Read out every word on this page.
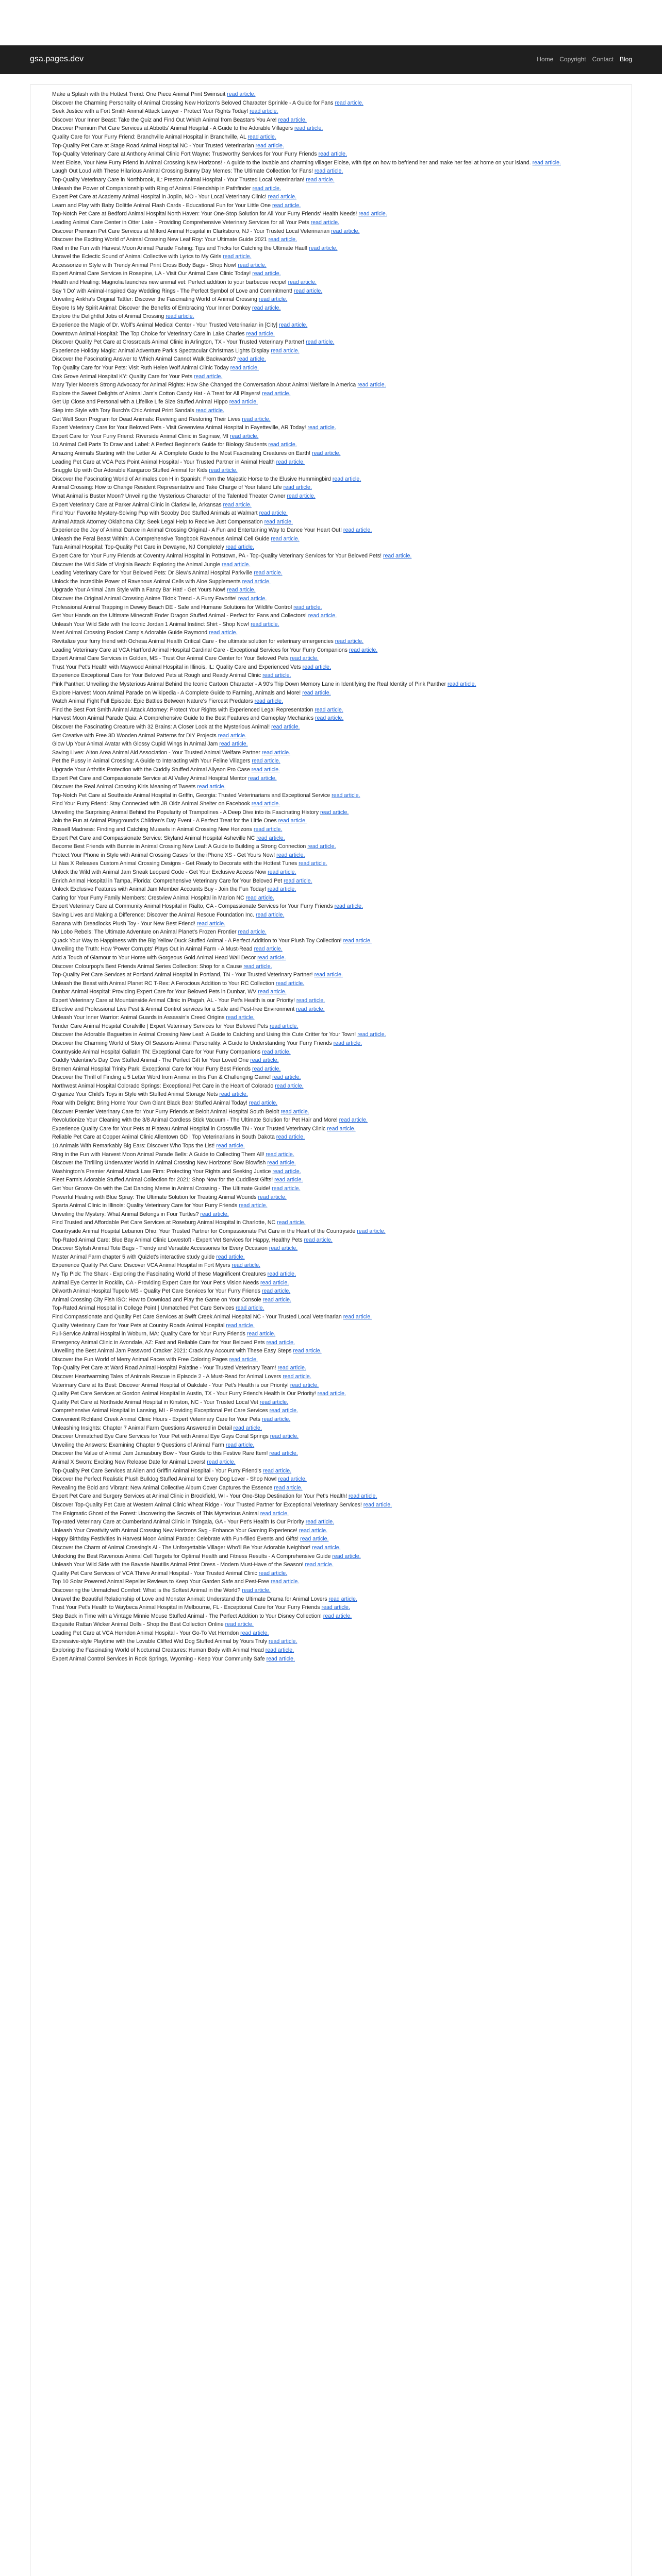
gsa.pages.dev	Home Copyright Contact Blog
1. Make a Splash with the Hottest Trend: One Piece Animal Print Swimsuit read article.
2. Discover the Charming Personality of Animal Crossing New Horizon's Beloved Character Sprinkle - A Guide for Fans read article.
3. Seek Justice with a Fort Smith Animal Attack Lawyer - Protect Your Rights Today! read article.
4. Discover Your Inner Beast: Take the Quiz and Find Out Which Animal from Beastars You Are! read article.
5. Discover Premium Pet Care Services at Abbotts' Animal Hospital - A Guide to the Adorable Villagers read article.
6. Quality Care for Your Furry Friend: Branchville Animal Hospital in Branchville, AL read article.
7. Top-Quality Pet Care at Stage Road Animal Hospital NC - Your Trusted Veterinarian read article.
8. Top-Quality Veterinary Care at Anthony Animal Clinic Fort Wayne: Trustworthy Services for Your Furry Friends read article.
9. Meet Eloise, Your New Furry Friend in Animal Crossing New Horizons! - A guide to the lovable and charming villager Eloise, with tips on how to befriend her and make her feel at home on your island. read article.
10. Laugh Out Loud with These Hilarious Animal Crossing Bunny Day Memes: The Ultimate Collection for Fans! read article.
11. Top-Quality Veterinary Care in Northbrook, IL: Preston Animal Hospital - Your Trusted Local Veterinarian! read article.
12. Unleash the Power of Companionship with Ring of Animal Friendship in Pathfinder read article.
13. Expert Pet Care at Academy Animal Hospital in Joplin, MO - Your Local Veterinary Clinic! read article.
14. Learn and Play with Baby Dolittle Animal Flash Cards - Educational Fun for Your Little One read article.
15. Top-Notch Pet Care at Bedford Animal Hospital North Haven: Your One-Stop Solution for All Your Furry Friends' Health Needs! read article.
16. Leading Animal Care Center in Otter Lake - Providing Comprehensive Veterinary Services for all Your Pets read article.
17. Discover Premium Pet Care Services at Milford Animal Hospital in Clarksboro, NJ - Your Trusted Local Veterinarian read article.
18. Discover the Exciting World of Animal Crossing New Leaf Roy: Your Ultimate Guide 2021 read article.
19. Reel in the Fun with Harvest Moon Animal Parade Fishing: Tips and Tricks for Catching the Ultimate Haul! read article.
20. Unravel the Eclectic Sound of Animal Collective with Lyrics to My Girls read article.
21. Accessorize in Style with Trendy Animal Print Cross Body Bags - Shop Now! read article.
22. Expert Animal Care Services in Rosepine, LA - Visit Our Animal Care Clinic Today! read article.
23. Health and Healing: Magnolia launches new animal vet: Perfect addition to your barbecue recipe! read article.
24. Say 'I Do' with Animal-Inspired Gay Wedding Rings - The Perfect Symbol of Love and Commitment! read article.
25. Unveiling Ankha's Original Tattler: Discover the Fascinating World of Animal Crossing read article.
26. Eeyore Is My Spirit Animal: Discover the Benefits of Embracing Your Inner Donkey read article.
27. Explore the Delightful Jobs of Animal Crossing read article.
28. Experience the Magic of Dr. Wolf's Animal Medical Center - Your Trusted Veterinarian in [City] read article.
29. Downtown Animal Hospital: The Top Choice for Veterinary Care in Lake Charles read article.
30. Discover Quality Pet Care at Crossroads Animal Clinic in Arlington, TX - Your Trusted Veterinary Partner! read article.
31. Experience Holiday Magic: Animal Adventure Park's Spectacular Christmas Lights Display read article.
32. Discover the Fascinating Answer to Which Animal Cannot Walk Backwards? read article.
33. Top Quality Care for Your Pets: Visit Ruth Helen Wolf Animal Clinic Today read article.
34. Oak Grove Animal Hospital KY: Quality Care for Your Pets read article.
35. Mary Tyler Moore's Strong Advocacy for Animal Rights: How She Changed the Conversation About Animal Welfare in America read article.
36. Explore the Sweet Delights of Animal Jam's Cotton Candy Hat - A Treat for All Players! read article.
37. Get Up Close and Personal with a Lifelike Life Size Stuffed Animal Hippo read article.
38. Step into Style with Tory Burch's Chic Animal Print Sandals read article.
39. Get Well Soon Program for Dead Animals: Reviving and Restoring Their Lives read article.
40. Expert Veterinary Care for Your Beloved Pets - Visit Greenview Animal Hospital in Fayetteville, AR Today! read article.
41. Expert Care for Your Furry Friend: Riverside Animal Clinic in Saginaw, MI read article.
42. 10 Animal Cell Parts To Draw and Label: A Perfect Beginner's Guide for Biology Students read article.
43. Amazing Animals Starting with the Letter Ai: A Complete Guide to the Most Fascinating Creatures on Earth! read article.
44. Leading Pet Care at VCA Pets Point Animal Hospital - Your Trusted Partner in Animal Health read article.
45. Snuggle Up with Our Adorable Kangaroo Stuffed Animal for Kids read article.
46. Discover the Fascinating World of Animales con H in Spanish: From the Majestic Horse to the Elusive Hummingbird read article.
47. Animal Crossing: How to Change Resident Representative and Take Charge of Your Island Life read article.
48. What Animal is Buster Moon? Unveiling the Mysterious Character of the Talented Theater Owner read article.
49. Expert Veterinary Care at Parker Animal Clinic in Clarksville, Arkansas read article.
50. Find Your Favorite Mystery-Solving Pup with Scooby Doo Stuffed Animals at Walmart read article.
51. Animal Attack Attorney Oklahoma City: Seek Legal Help to Receive Just Compensation read article.
52. Experience the Joy of Animal Dance in Animal Crossing Original - A Fun and Entertaining Way to Dance Your Heart Out! read article.
53. Unleash the Feral Beast Within: A Comprehensive Tongbook Ravenous Animal Cell Guide read article.
54. Tara Animal Hospital: Top-Quality Pet Care in Dewayne, NJ Completely read article.
55. Expert Care for Your Furry Friends at Coventry Animal Hospital in Pottstown, PA - Top-Quality Veterinary Services for Your Beloved Pets! read article.
56. Discover the Wild Side of Virginia Beach: Exploring the Animal Jungle read article.
57. Leading Veterinary Care for Your Beloved Pets: Dr Siew's Animal Hospital Parkville read article.
58. Unlock the Incredible Power of Ravenous Animal Cells with Aloe Supplements read article.
59. Upgrade Your Animal Jam Style with a Fancy Bar Hat! - Get Yours Now! read article.
60. Discover the Original Animal Crossing Anime Tiktok Trend - A Furry Favorite! read article.
61. Professional Animal Trapping in Dewey Beach DE - Safe and Humane Solutions for Wildlife Control read article.
62. Get Your Hands on the Ultimate Minecraft Ender Dragon Stuffed Animal - Perfect for Fans and Collectors! read article.
63. Unleash Your Wild Side with the Iconic Jordan 1 Animal Instinct Shirt - Shop Now! read article.
64. Meet Animal Crossing Pocket Camp's Adorable Guide Raymond read article.
65. Revitalize your furry friend with Ochesa Animal Health Critical Care - the ultimate solution for veterinary emergencies read article.
66. Leading Veterinary Care at VCA Hartford Animal Hospital Cardinal Care - Exceptional Services for Your Furry Companions read article.
67. Expert Animal Care Services in Golden, MS - Trust Our Animal Care Center for Your Beloved Pets read article.
68. Trust Your Pet's Health with Maywood Animal Hospital in Illinois, IL: Quality Care and Experienced Vets read article.
69. Experience Exceptional Care for Your Beloved Pets at Rough and Ready Animal Clinic read article.
70. Pink Panther: Unveiling the Mysterious Animal Behind the Iconic Cartoon Character - A 90's Trip Down Memory Lane in Identifying the Real Identity of Pink Panther read article.
71. Explore Harvest Moon Animal Parade on Wikipedia - A Complete Guide to Farming, Animals and More! read article.
72. Watch Animal Fight Full Episode: Epic Battles Between Nature's Fiercest Predators read article.
73. Find the Best Fort Smith Animal Attack Attorney: Protect Your Rights with Experienced Legal Representation read article.
74. Harvest Moon Animal Parade Qaia: A Comprehensive Guide to the Best Features and Gameplay Mechanics read article.
75. Discover the Fascinating Creature with 32 Brains: A Closer Look at the Mysterious Animal! read article.
76. Get Creative with Free 3D Wooden Animal Patterns for DIY Projects read article.
77. Glow Up Your Animal Avatar with Glossy Cupid Wings in Animal Jam read article.
78. Saving Lives: Alton Area Animal Aid Association - Your Trusted Animal Welfare Partner read article.
79. Pet the Pussy in Animal Crossing: A Guide to Interacting with Your Feline Villagers read article.
80. Upgrade Your Arthritis Protection with the Cuddly Stuffed Animal Allyson Pro Case read article.
81. Expert Pet Care and Compassionate Service at Al Valley Animal Hospital Mentor read article.
82. Discover the Real Animal Crossing Kiris Meaning of Tweets read article.
83. Top-Notch Pet Care at Southside Animal Hospital in Griffin, Georgia: Trusted Veterinarians and Exceptional Service read article.
84. Find Your Furry Friend: Stay Connected with JB Oldz Animal Shelter on Facebook read article.
85. Unveiling the Surprising Animal Behind the Popularity of Trampolines - A Deep Dive into its Fascinating History read article.
86. Join the Fun at Animal Playground's Children's Day Event - A Perfect Treat for the Little Ones read article.
87. Russell Madness: Finding and Catching Mussels in Animal Crossing New Horizons read article.
88. Expert Pet Care and Compassionate Service: Skyland Animal Hospital Asheville NC read article.
89. Become Best Friends with Bunnie in Animal Crossing New Leaf: A Guide to Building a Strong Connection read article.
90. Protect Your Phone in Style with Animal Crossing Cases for the iPhone XS - Get Yours Now! read article.
91. Lil Nas X Releases Custom Animal Crossing Designs - Get Ready to Decorate with the Hottest Tunes read article.
92. Unlock the Wild with Animal Jam Sneak Leopard Code - Get Your Exclusive Access Now read article.
93. Enrich Animal Hospital in Tampa, Florida: Comprehensive Veterinary Care for Your Beloved Pet read article.
94. Unlock Exclusive Features with Animal Jam Member Accounts Buy - Join the Fun Today! read article.
95. Caring for Your Furry Family Members: Crestview Animal Hospital in Marion NC read article.
96. Expert Veterinary Care at Community Animal Hospital in Rialto, CA - Compassionate Services for Your Furry Friends read article.
97. Saving Lives and Making a Difference: Discover the Animal Rescue Foundation Inc. read article.
98. Banana with Dreadlocks Plush Toy - Your New Best Friend! read article.
99. No Lobo Rebels: The Ultimate Adventure on Animal Planet's Frozen Frontier read article.
100. Quack Your Way to Happiness with the Big Yellow Duck Stuffed Animal - A Perfect Addition to Your Plush Toy Collection! read article.
101. Unveiling the Truth: How 'Power Corrupts' Plays Out in Animal Farm - A Must-Read read article.
102. Add a Touch of Glamour to Your Home with Gorgeous Gold Animal Head Wall Decor read article.
103. Discover Colourpop's Best Friends Animal Series Collection: Shop for a Cause read article.
104. Top-Quality Pet Care Services at Portland Animal Hospital in Portland, TN - Your Trusted Veterinary Partner! read article.
105. Unleash the Beast with Animal Planet RC T-Rex: A Ferocious Addition to Your RC Collection read article.
106. Dunbar Animal Hospital: Providing Expert Care for Your Beloved Pets in Dunbar, WV read article.
107. Expert Veterinary Care at Mountainside Animal Clinic in Pisgah, AL - Your Pet's Health is our Priority! read article.
108. Effective and Professional Live Pest & Animal Control services for a Safe and Pest-free Environment read article.
109. Unleash Your Inner Warrior: Animal Guards in Assassin's Creed Origins read article.
110. Tender Care Animal Hospital Coralville | Expert Veterinary Services for Your Beloved Pets read article.
111. Discover the Adorable Baguettes in Animal Crossing New Leaf: A Guide to Catching and Using this Cute Critter for Your Town! read article.
112. Discover the Charming World of Story Of Seasons Animal Personality: A Guide to Understanding Your Furry Friends read article.
113. Countryside Animal Hospital Gallatin TN: Exceptional Care for Your Furry Companions read article.
114. Cuddly Valentine's Day Cow Stuffed Animal - The Perfect Gift for Your Loved One read article.
115. Bremen Animal Hospital Trinity Park: Exceptional Care for Your Furry Best Friends read article.
116. Discover the Thrill of Finding a 5 Letter Word from Animal in this Fun & Challenging Game! read article.
117. Northwest Animal Hospital Colorado Springs: Exceptional Pet Care in the Heart of Colorado read article.
118. Organize Your Child's Toys in Style with Stuffed Animal Storage Nets read article.
119. Roar with Delight: Bring Home Your Own Giant Black Bear Stuffed Animal Today! read article.
120. Discover Premier Veterinary Care for Your Furry Friends at Beloit Animal Hospital South Beloit read article.
121. Revolutionize Your Cleaning with the 3/8 Animal Cordless Stick Vacuum - The Ultimate Solution for Pet Hair and More! read article.
122. Experience Quality Care for Your Pets at Plateau Animal Hospital in Crossville TN - Your Trusted Veterinary Clinic read article.
123. Reliable Pet Care at Copper Animal Clinic Allentown GD | Top Veterinarians in South Dakota read article.
124. 10 Animals With Remarkably Big Ears: Discover Who Tops the List! read article.
125. Ring in the Fun with Harvest Moon Animal Parade Bells: A Guide to Collecting Them All! read article.
126. Discover the Thrilling Underwater World in Animal Crossing New Horizons' Bow Blowfish read article.
127. Washington's Premier Animal Attack Law Firm: Protecting Your Rights and Seeking Justice read article.
128. Fleet Farm's Adorable Stuffed Animal Collection for 2021: Shop Now for the Cuddliest Gifts! read article.
129. Get Your Groove On with the Cat Dancing Meme in Animal Crossing - The Ultimate Guide! read article.
130. Powerful Healing with Blue Spray: The Ultimate Solution for Treating Animal Wounds read article.
131. Sparta Animal Clinic in Illinois: Quality Veterinary Care for Your Furry Friends read article.
132. Unveiling the Mystery: What Animal Belongs in Four Turtles? read article.
133. Find Trusted and Affordable Pet Care Services at Roseburg Animal Hospital in Charlotte, NC read article.
134. Countryside Animal Hospital Lebanon Ohio: Your Trusted Partner for Compassionate Pet Care in the Heart of the Countryside read article.
135. Top-Rated Animal Care: Blue Bay Animal Clinic Lowestoft - Expert Vet Services for Happy, Healthy Pets read article.
136. Discover Stylish Animal Tote Bags - Trendy and Versatile Accessories for Every Occasion read article.
137. Master Animal Farm chapter 5 with Quizlet's interactive study guide read article.
138. Experience Quality Pet Care: Discover VCA Animal Hospital in Fort Myers read article.
139. My Tip Pick: The Shark - Exploring the Fascinating World of these Magnificent Creatures read article.
140. Animal Eye Center in Rocklin, CA - Providing Expert Care for Your Pet's Vision Needs read article.
141. Dilworth Animal Hospital Tupelo MS - Quality Pet Care Services for Your Furry Friends read article.
142. Animal Crossing City Fish ISO: How to Download and Play the Game on Your Console read article.
143. Top-Rated Animal Hospital in College Point | Unmatched Pet Care Services read article.
144. Find Compassionate and Quality Pet Care Services at Swift Creek Animal Hospital NC - Your Trusted Local Veterinarian read article.
145. Quality Veterinary Care for Your Pets at Country Roads Animal Hospital read article.
146. Full-Service Animal Hospital in Woburn, MA: Quality Care for Your Furry Friends read article.
147. Emergency Animal Clinic in Avondale, AZ: Fast and Reliable Care for Your Beloved Pets read article.
148. Unveiling the Best Animal Jam Password Cracker 2021: Crack Any Account with These Easy Steps read article.
149. Discover the Fun World of Merry Animal Faces with Free Coloring Pages read article.
150. Top-Quality Pet Care at Ward Road Animal Hospital Palatine - Your Trusted Veterinary Team! read article.
151. Discover Heartwarming Tales of Animals Rescue in Episode 2 - A Must-Read for Animal Lovers read article.
152. Veterinary Care at Its Best: Discover Animal Hospital of Oakdale - Your Pet's Health is our Priority! read article.
153. Quality Pet Care Services at Gordon Animal Hospital in Austin, TX - Your Furry Friend's Health is Our Priority! read article.
154. Quality Pet Care at Northside Animal Hospital in Kinston, NC - Your Trusted Local Vet read article.
155. Comprehensive Animal Hospital in Lansing, MI - Providing Exceptional Pet Care Services read article.
156. Convenient Richland Creek Animal Clinic Hours - Expert Veterinary Care for Your Pets read article.
157. Unleashing Insights: Chapter 7 Animal Farm Questions Answered in Detail read article.
158. Discover Unmatched Eye Care Services for Your Pet with Animal Eye Guys Coral Springs read article.
159. Unveiling the Answers: Examining Chapter 9 Questions of Animal Farm read article.
160. Discover the Value of Animal Jam Jamasbury Bow - Your Guide to this Festive Rare Item! read article.
161. Animal X Sworn: Exciting New Release Date for Animal Lovers! read article.
162. Top-Quality Pet Care Services at Allen and Griffin Animal Hospital - Your Furry Friend's read article.
163. Discover the Perfect Realistic Plush Bulldog Stuffed Animal for Every Dog Lover - Shop Now! read article.
164. Revealing the Bold and Vibrant: New Animal Collective Album Cover Captures the Essence read article.
165. Expert Pet Care and Surgery Services at Animal Clinic in Brookfield, WI - Your One-Stop Destination for Your Pet's Health! read article.
166. Discover Top-Quality Pet Care at Western Animal Clinic Wheat Ridge - Your Trusted Partner for Exceptional Veterinary Services! read article.
167. The Enigmatic Ghost of the Forest: Uncovering the Secrets of This Mysterious Animal read article.
168. Top-rated Veterinary Care at Cumberland Animal Clinic in Tsingala, GA - Your Pet's Health Is Our Priority read article.
169. Unleash Your Creativity with Animal Crossing New Horizons Svg - Enhance Your Gaming Experience! read article.
170. Happy Birthday Festivities in Harvest Moon Animal Parade: Celebrate with Fun-filled Events and Gifts! read article.
171. Discover the Charm of Animal Crossing's Al - The Unforgettable Villager Who'll Be Your Adorable Neighbor! read article.
172. Unlocking the Best Ravenous Animal Cell Targets for Optimal Health and Fitness Results - A Comprehensive Guide read article.
173. Unleash Your Wild Side with the Bavarie Nautilis Animal Print Dress - Modern Must-Have of the Season! read article.
174. Quality Pet Care Services of VCA Thrive Animal Hospital - Your Trusted Animal Clinic read article.
175. Top 10 Solar Powered Animal Repeller Reviews to Keep Your Garden Safe and Pest-Free read article.
176. Discovering the Unmatched Comfort: What is the Softest Animal in the World? read article.
177. Unravel the Beautiful Relationship of Love and Monster Animal: Understand the Ultimate Drama for Animal Lovers read article.
178. Trust Your Pet's Health to Waybeca Animal Hospital in Melbourne, FL - Exceptional Care for Your Furry Friends read article.
179. Step Back in Time with a Vintage Minnie Mouse Stuffed Animal - The Perfect Addition to Your Disney Collection! read article.
180. Exquisite Rattan Wicker Animal Dolls - Shop the Best Collection Online read article.
181. Leading Pet Care at VCA Herndon Animal Hospital - Your Go-To Vet Herndon read article.
182. Expressive-style Playtime with the Lovable Cliffed Wid Dog Stuffed Animal by Yours Truly read article.
183. Exploring the Fascinating World of Nocturnal Creatures: Human Body with Animal Head read article.
184. Expert Animal Control Services in Rock Springs, Wyoming - Keep Your Community Safe read article.
